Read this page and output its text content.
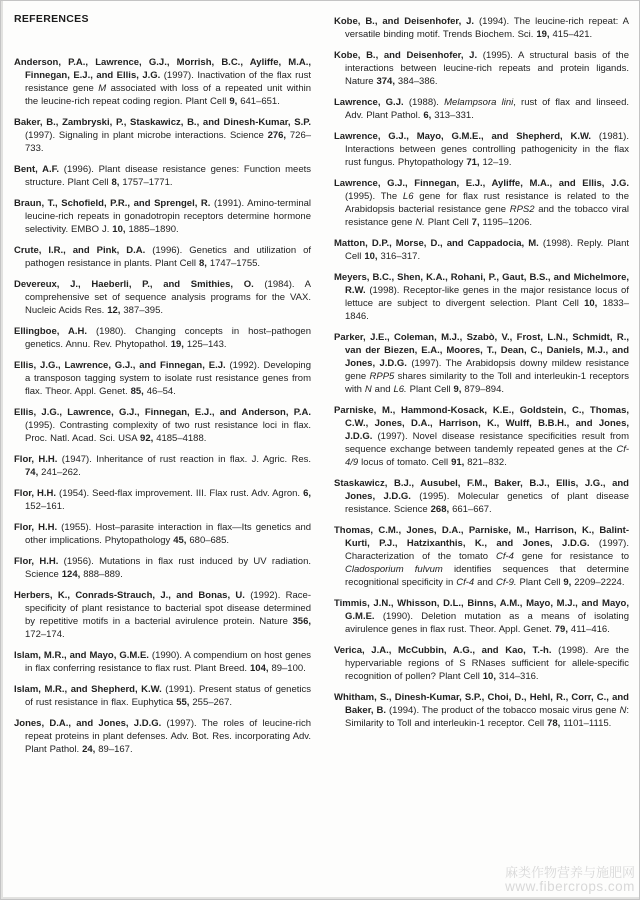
REFERENCES

Anderson, P.A., Lawrence, G.J., Morrish, B.C., Ayliffe, M.A., Finnegan, E.J., and Ellis, J.G. (1997). Inactivation of the flax rust resistance gene M associated with loss of a repeated unit within the leucine-rich repeat coding region. Plant Cell 9, 641–651.

Baker, B., Zambryski, P., Staskawicz, B., and Dinesh-Kumar, S.P. (1997). Signaling in plant microbe interactions. Science 276, 726–733.

Bent, A.F. (1996). Plant disease resistance genes: Function meets structure. Plant Cell 8, 1757–1771.

Braun, T., Schofield, P.R., and Sprengel, R. (1991). Amino-terminal leucine-rich repeats in gonadotropin receptors determine hormone selectivity. EMBO J. 10, 1885–1890.

Crute, I.R., and Pink, D.A. (1996). Genetics and utilization of pathogen resistance in plants. Plant Cell 8, 1747–1755.

Devereux, J., Haeberli, P., and Smithies, O. (1984). A comprehensive set of sequence analysis programs for the VAX. Nucleic Acids Res. 12, 387–395.

Ellingboe, A.H. (1980). Changing concepts in host–pathogen genetics. Annu. Rev. Phytopathol. 19, 125–143.

Ellis, J.G., Lawrence, G.J., and Finnegan, E.J. (1992). Developing a transposon tagging system to isolate rust resistance genes from flax. Theor. Appl. Genet. 85, 46–54.

Ellis, J.G., Lawrence, G.J., Finnegan, E.J., and Anderson, P.A. (1995). Contrasting complexity of two rust resistance loci in flax. Proc. Natl. Acad. Sci. USA 92, 4185–4188.

Flor, H.H. (1947). Inheritance of rust reaction in flax. J. Agric. Res. 74, 241–262.

Flor, H.H. (1954). Seed-flax improvement. III. Flax rust. Adv. Agron. 6, 152–161.

Flor, H.H. (1955). Host–parasite interaction in flax—Its genetics and other implications. Phytopathology 45, 680–685.

Flor, H.H. (1956). Mutations in flax rust induced by UV radiation. Science 124, 888–889.

Herbers, K., Conrads-Strauch, J., and Bonas, U. (1992). Race-specificity of plant resistance to bacterial spot disease determined by repetitive motifs in a bacterial avirulence protein. Nature 356, 172–174.

Islam, M.R., and Mayo, G.M.E. (1990). A compendium on host genes in flax conferring resistance to flax rust. Plant Breed. 104, 89–100.

Islam, M.R., and Shepherd, K.W. (1991). Present status of genetics of rust resistance in flax. Euphytica 55, 255–267.

Jones, D.A., and Jones, J.D.G. (1997). The roles of leucine-rich repeat proteins in plant defenses. Adv. Bot. Res. incorporating Adv. Plant Pathol. 24, 89–167.

Kobe, B., and Deisenhofer, J. (1994). The leucine-rich repeat: A versatile binding motif. Trends Biochem. Sci. 19, 415–421.

Kobe, B., and Deisenhofer, J. (1995). A structural basis of the interactions between leucine-rich repeats and protein ligands. Nature 374, 384–386.

Lawrence, G.J. (1988). Melampsora lini, rust of flax and linseed. Adv. Plant Pathol. 6, 313–331.

Lawrence, G.J., Mayo, G.M.E., and Shepherd, K.W. (1981). Interactions between genes controlling pathogenicity in the flax rust fungus. Phytopathology 71, 12–19.

Lawrence, G.J., Finnegan, E.J., Ayliffe, M.A., and Ellis, J.G. (1995). The L6 gene for flax rust resistance is related to the Arabidopsis bacterial resistance gene RPS2 and the tobacco viral resistance gene N. Plant Cell 7, 1195–1206.

Matton, D.P., Morse, D., and Cappadocia, M. (1998). Reply. Plant Cell 10, 316–317.

Meyers, B.C., Shen, K.A., Rohani, P., Gaut, B.S., and Michelmore, R.W. (1998). Receptor-like genes in the major resistance locus of lettuce are subject to divergent selection. Plant Cell 10, 1833–1846.

Parker, J.E., Coleman, M.J., Szabò, V., Frost, L.N., Schmidt, R., van der Biezen, E.A., Moores, T., Dean, C., Daniels, M.J., and Jones, J.D.G. (1997). The Arabidopsis downy mildew resistance gene RPP5 shares similarity to the Toll and interleukin-1 receptors with N and L6. Plant Cell 9, 879–894.

Parniske, M., Hammond-Kosack, K.E., Goldstein, C., Thomas, C.W., Jones, D.A., Harrison, K., Wulff, B.B.H., and Jones, J.D.G. (1997). Novel disease resistance specificities result from sequence exchange between tandemly repeated genes at the Cf-4/9 locus of tomato. Cell 91, 821–832.

Staskawicz, B.J., Ausubel, F.M., Baker, B.J., Ellis, J.G., and Jones, J.D.G. (1995). Molecular genetics of plant disease resistance. Science 268, 661–667.

Thomas, C.M., Jones, D.A., Parniske, M., Harrison, K., Balint-Kurti, P.J., Hatzixanthis, K., and Jones, J.D.G. (1997). Characterization of the tomato Cf-4 gene for resistance to Cladosporium fulvum identifies sequences that determine recognitional specificity in Cf-4 and Cf-9. Plant Cell 9, 2209–2224.

Timmis, J.N., Whisson, D.L., Binns, A.M., Mayo, M.J., and Mayo, G.M.E. (1990). Deletion mutation as a means of isolating avirulence genes in flax rust. Theor. Appl. Genet. 79, 411–416.

Verica, J.A., McCubbin, A.G., and Kao, T.-h. (1998). Are the hypervariable regions of S RNases sufficient for allele-specific recognition of pollen? Plant Cell 10, 314–316.

Whitham, S., Dinesh-Kumar, S.P., Choi, D., Hehl, R., Corr, C., and Baker, B. (1994). The product of the tobacco mosaic virus gene N: Similarity to Toll and interleukin-1 receptor. Cell 78, 1101–1115.

麻类作物营养与施肥网
www.fibercrops.com
